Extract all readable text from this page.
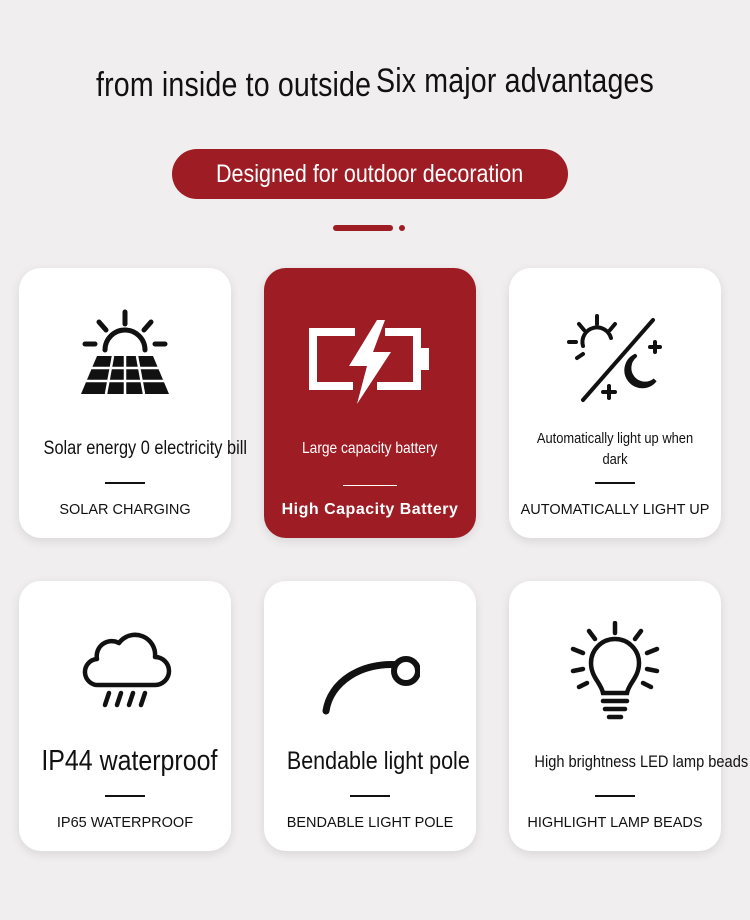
from inside to outside Six major advantages
Designed for outdoor decoration
Solar energy 0 electricity bill
SOLAR CHARGING
Large capacity battery
High Capacity Battery
Automatically light up when dark
AUTOMATICALLY LIGHT UP
IP44 waterproof
IP65 WATERPROOF
Bendable light pole
BENDABLE LIGHT POLE
High brightness LED lamp beads
HIGHLIGHT LAMP BEADS
